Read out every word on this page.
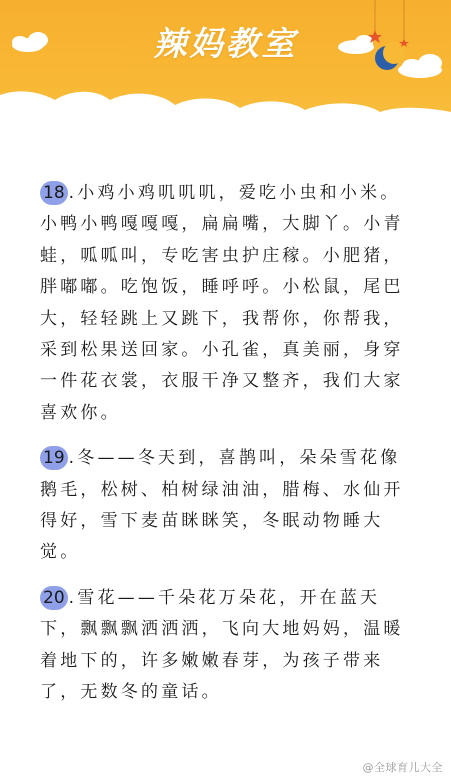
辣妈教室

18 .小鸡小鸡叽叽叽，爱吃小虫和小米。小鸭小鸭嘎嘎嘎，扁扁嘴，大脚丫。小青蛙，呱呱叫，专吃害虫护庄稼。小肥猪，胖嘟嘟。吃饱饭，睡呼呼。小松鼠，尾巴大，轻轻跳上又跳下，我帮你，你帮我，采到松果送回家。小孔雀，真美丽，身穿一件花衣裳，衣服干净又整齐，我们大家喜欢你。

19 .冬——冬天到，喜鹊叫，朵朵雪花像鹅毛，松树、柏树绿油油，腊梅、水仙开得好，雪下麦苗眯眯笑，冬眠动物睡大觉。

20 .雪花——千朵花万朵花，开在蓝天下，飘飘飘洒洒洒，飞向大地妈妈，温暖着地下的，许多嫩嫩春芽，为孩子带来了，无数冬的童话。

@全球育儿大全
